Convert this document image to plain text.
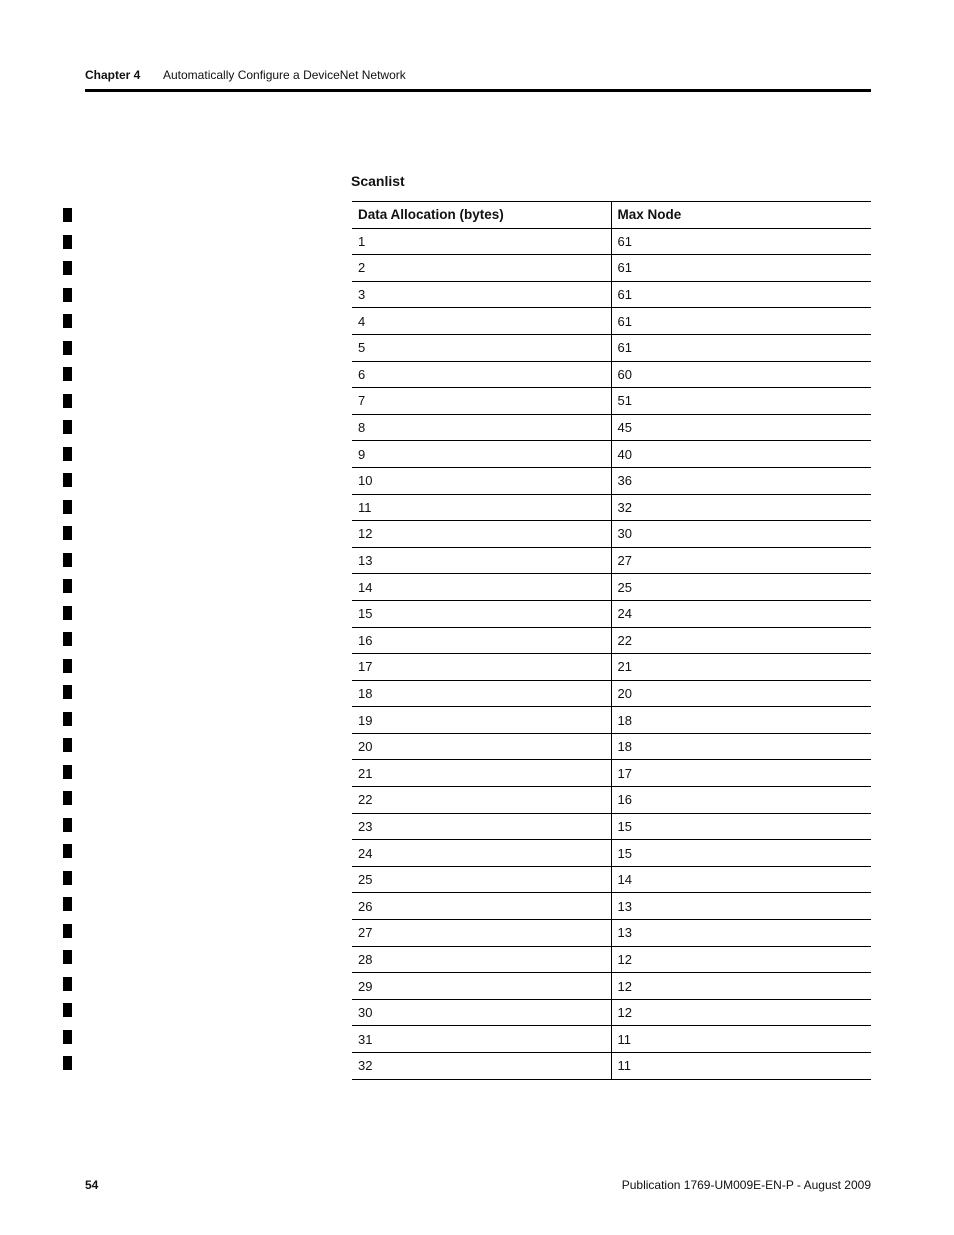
Chapter 4 Automatically Configure a DeviceNet Network
Scanlist
Data Allocation (bytes)	Max Node
1	61
2	61
3	61
4	61
5	61
6	60
7	51
8	45
9	40
10	36
11	32
12	30
13	27
14	25
15	24
16	22
17	21
18	20
19	18
20	18
21	17
22	16
23	15
24	15
25	14
26	13
27	13
28	12
29	12
30	12
31	11
32	11
54	Publication 1769-UM009E-EN-P - August 2009
